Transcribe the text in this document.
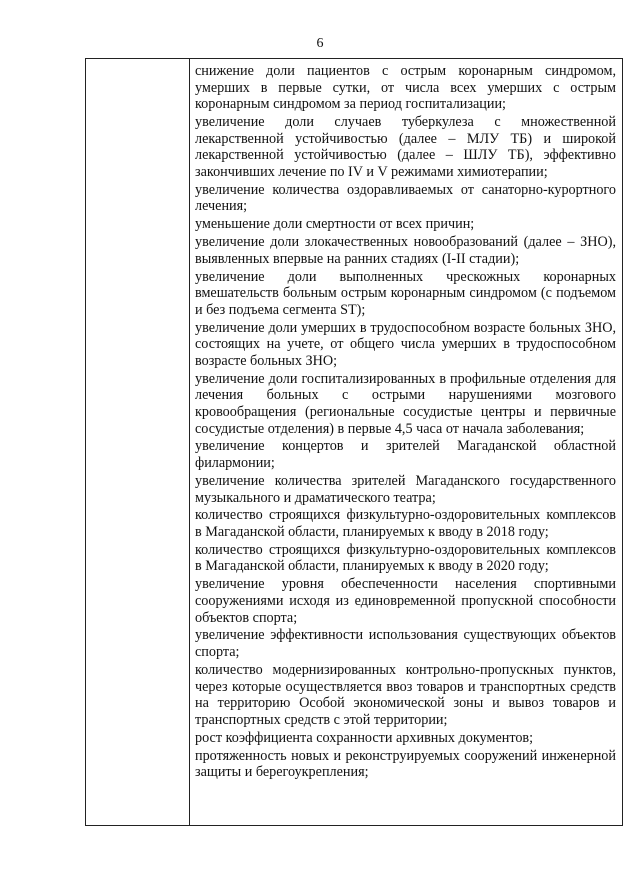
6

снижение доли пациентов с острым коронарным синдромом, умерших в первые сутки, от числа всех умерших с острым коронарным синдромом за период госпитализации;

увеличение доли случаев туберкулеза с множественной лекарственной устойчивостью (далее – МЛУ ТБ) и широкой лекарственной устойчивостью (далее – ШЛУ ТБ), эффективно закончивших лечение по IV и V режимами химиотерапии;

увеличение количества оздоравливаемых от санаторно-курортного лечения;

уменьшение доли смертности от всех причин;

увеличение доли злокачественных новообразований (далее – ЗНО), выявленных впервые на ранних стадиях (I-II стадии);

увеличение доли выполненных чрескожных коронарных вмешательств больным острым коронарным синдромом (с подъемом и без подъема сегмента ST);

увеличение доли умерших в трудоспособном возрасте больных ЗНО, состоящих на учете, от общего числа умерших в трудоспособном возрасте больных ЗНО;

увеличение доли госпитализированных в профильные отделения для лечения больных с острыми нарушениями мозгового кровообращения (региональные сосудистые центры и первичные сосудистые отделения) в первые 4,5 часа от начала заболевания;

увеличение концертов и зрителей Магаданской областной филармонии;

увеличение количества зрителей Магаданского государственного музыкального и драматического театра;

количество строящихся физкультурно-оздоровительных комплексов в Магаданской области, планируемых к вводу в 2018 году;

количество строящихся физкультурно-оздоровительных комплексов в Магаданской области, планируемых к вводу в 2020 году;

увеличение уровня обеспеченности населения спортивными сооружениями исходя из единовременной пропускной способности объектов спорта;

увеличение эффективности использования существующих объектов спорта;

количество модернизированных контрольно-пропускных пунктов, через которые осуществляется ввоз товаров и транспортных средств на территорию Особой экономической зоны и вывоз товаров и транспортных средств с этой территории;

рост коэффициента сохранности архивных документов;

протяженность новых и реконструируемых сооружений инженерной защиты и берегоукрепления;
